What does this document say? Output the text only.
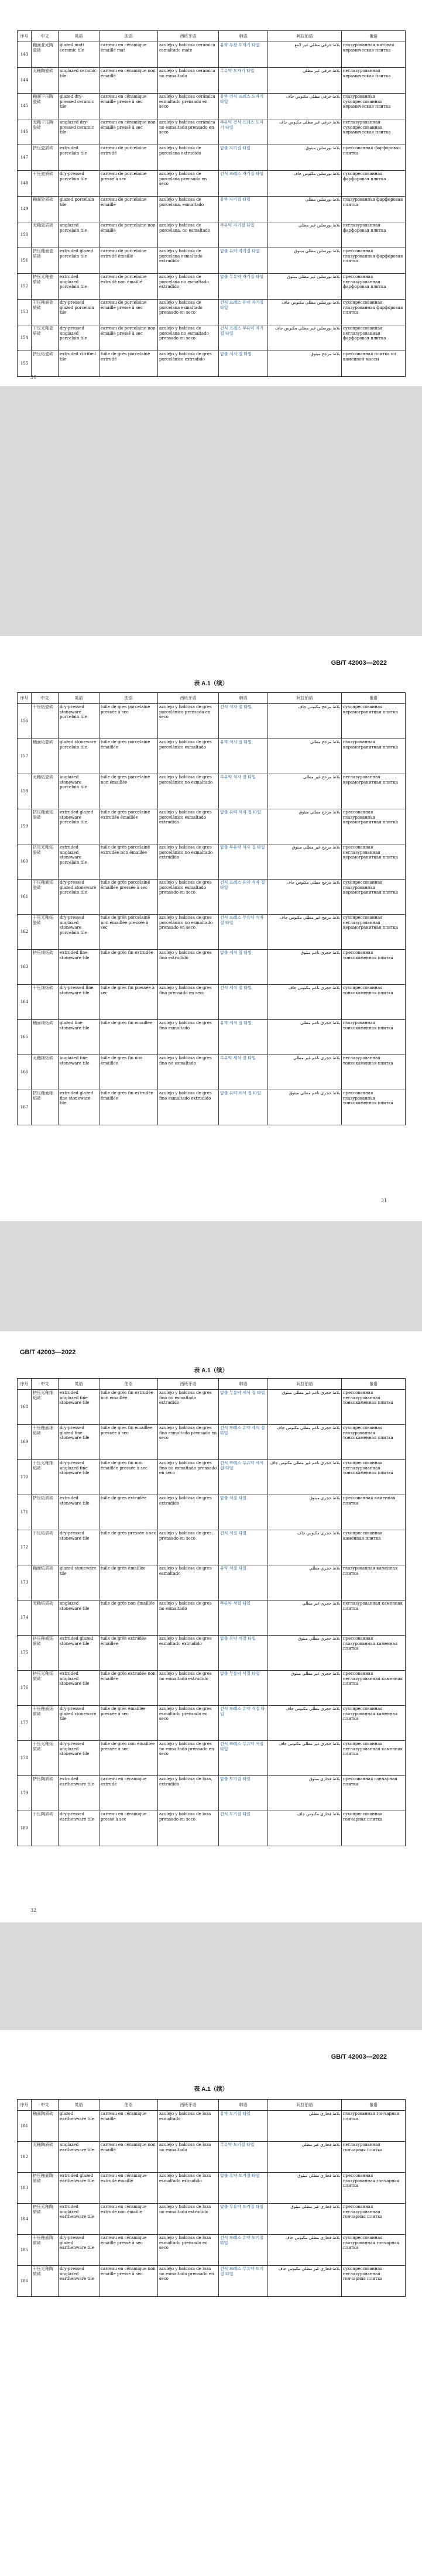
序号	中文	英语	法语	西班牙语	韩语	阿拉伯语	俄语
143	釉面亚光陶瓷砖	glazed matt ceramic tile	carreau en céramique émaillé mat	azulejo y baldosa cerámica esmaltado mate	유약 무광 도자기 타일	بلاط خزفي مطلي غير لامع	глазурованная матовая керамическая плитка
144	无釉陶瓷砖	unglazed ceramic tile	carreau en céramique non émaillé	azulejo y baldosa cerámica no esmaltado	무유약 도자기 타일	بلاط خزفي غير مطلي	неглазурованная керамическая плитка
145	釉面干压陶瓷砖	glazed dry-pressed ceramic tile	carreau en céramique émaillé pressé à sec	azulejo y baldosa cerámica esmaltado prensado en seco	유약 건식 프레스 도자기 타일	بلاط خزفي مطلي مكبوس جاف	глазурованная сухопрессованная керамическая плитка
146	无釉干压陶瓷砖	unglazed dry-pressed ceramic tile	carreau en céramique non émaillé pressé à sec	azulejo y baldosa cerámica no esmaltado prensado en seco	무유약 건식 프레스 도자기 타일	بلاط خزفي غير مطلي مكبوس جاف	неглазурованная сухопрессованная керамическая плитка
147	挤压瓷质砖	extruded porcelain tile	carreau de porcelaine extrudé	azulejo y baldosa de porcelana extrudido	압출 자기질 타일	بلاط بورسلين مبثوق	прессованная фарфоровая плитка
148	干压瓷质砖	dry-pressed porcelain tile	carreau de porcelaine pressé à sec	azulejo y baldosa de porcelana prensado en seco	건식 프레스 자기질 타일	بلاط بورسلين مكبوس جاف	сухопрессованная фарфоровая плитка
149	釉面瓷质砖	glazed porcelain tile	carreau de porcelaine émaillé	azulejo y baldosa de porcelana, esmaltado	유약 자기질 타일	بلاط بورسلين مطلي	глазурованная фарфоровая плитка
150	无釉瓷质砖	unglazed porcelain tile	carreau de porcelaine non émaillé	azulejo y baldosa de porcelana, no esmaltado	무유약 자기질 타일	بلاط بورسلين غير مطلي	неглазурованная фарфоровая плитка
151	挤压釉面瓷质砖	extruded glazed porcelain tile	carreau de porcelaine extrudé émaillé	azulejo y baldosa de porcelana esmaltado extrudido	압출 유약 자기질 타일	بلاط بورسلين مطلي مبثوق	прессованная глазурованная фарфоровая плитка
152	挤压无釉瓷质砖	extruded unglazed porcelain tile	carreau de porcelaine extrudé non émaillé	azulejo y baldosa de porcelana no esmaltado extrudido	압출 무유약 자기질 타일	بلاط بورسلين غير مطلي مبثوق	прессованная неглазурованная фарфоровая плитка
153	干压釉面瓷质砖	dry-pressed glazed porcelain tile	carreau de porcelaine émaillé pressé à sec	azulejo y baldosa de porcelana esmaltado prensado en seco	건식 프레스 유약 자기질 타일	بلاط بورسلين مطلي مكبوس جاف	сухопрессованная глазурованная фарфоровая плитка
154	干压无釉瓷质砖	dry-pressed unglazed porcelain tile	carreau de porcelaine non émaillé pressé à sec	azulejo y baldosa de porcelana no esmaltado prensado en seco	건식 프레스 무유약 자기질 타일	بلاط بورسلين غير مطلي مكبوس جاف	сухопрессованная неглазурованная фарфоровая плитка
155	挤压炻瓷砖	extruded vitrified tile	tuile de grès porcelainé extrudé	azulejo y baldosa de gres porcelánico extrudido	압출 석자 질 타일	بلاط مزجج مبثوق	прессованная плитка из каменной массы
30
GB/T 42003—2022
表 A.1（续）
序号	中文	英语	法语	西班牙语	韩语	阿拉伯语	俄语
156	干压炻瓷砖	dry-pressed stoneware porcelain tile	tuile de grès porcelainé pressée à sec	azulejo y baldosa de gres porcelánico prensado en seco	건식 석자 질 타일	بلاط مزجج مكبوس جاف	сухопрессованная керамогранитная плитка
157	釉面炻瓷砖	glazed stoneware porcelain tile	tuile de grès porcelainé émaillée	azulejo y baldosa de gres porcelánico esmaltado	유약 석자 질 타일	بلاط مزجج مطلي	глазурованная керамогранитная плитка
158	无釉炻瓷砖	unglazed stoneware porcelain tile	tuile de grès porcelainé non émaillée	azulejo y baldosa de gres porcelánico no esmaltado	무유약 석자 질 타일	بلاط مزجج غير مطلي	неглазурованная керамогранитная плитка
159	挤压釉面炻瓷砖	extruded glazed stoneware porcelain tile	tuile de grès porcelainé extrudée émaillée	azulejo y baldosa de gres porcelánico esmaltado extrudido	압출 유약 석자 질 타일	بلاط مزجج مطلي مبثوق	прессованная глазурованная керамогранитная плитка
160	挤压无釉炻瓷砖	extruded unglazed stoneware porcelain tile	tuile de grès porcelainé extrudée non émaillée	azulejo y baldosa de gres porcelánico no esmaltado extrudido	압출 무유약 석자 질 타일	بلاط مزجج غير مطلي مبثوق	прессованная неглазурованная керамогранитная плитка
161	干压釉面炻瓷砖	dry-pressed glazed stoneware porcelain tile	tuile de grès porcelainé émaillée pressée à sec	azulejo y baldosa de gres porcelánico esmaltado prensado en seco	건식 프레스 유약 석자 질 타일	بلاط مزجج مطلي مكبوس جاف	сухопрессованная глазурованная керамогранитная плитка
162	干压无釉炻瓷砖	dry-pressed unglazed stoneware porcelain tile	tuile de grès porcelainé non émaillée pressée à sec	azulejo y baldosa de gres porcelánico no esmaltado prensado en seco	건식 프레스 무유약 석자 질 타일	بلاط مزجج غير مطلي مكبوس جاف	сухопрессованная неглазурованная керамогранитная плитка
163	挤压细炻砖	extruded fine stoneware tile	tuile de grès fin extrudée	azulejo y baldosa de gres fino extrudido	압출 세석 질 타일	بلاط حجري ناعم مبثوق	прессованная тонкокаменная плитка
164	干压细炻砖	dry-pressed fine stoneware tile	tuile de grès fin pressée à sec	azulejo y baldosa de gres fino prensado en seco	건식 세석 질 타일	بلاط حجري ناعم مكبوس جاف	сухопрессованная тонкокаменная плитка
165	釉面细炻砖	glazed fine stoneware tile	tuile de grès fin émaillée	azulejo y baldosa de gres fino esmaltado	유약 세석 질 타일	بلاط حجري ناعم مطلي	глазурованная тонкокаменная плитка
166	无釉细炻砖	unglazed fine stoneware tile	tuile de grès fin non émaillée	azulejo y baldosa de gres fino no esmaltado	무유약 세석 질 타일	بلاط حجري ناعم غير مطلي	неглазурованная тонкокаменная плитка
167	挤压釉面细炻砖	extruded glazed fine stoneware tile	tuile de grès fin extrudée émaillée	azulejo y baldosa de gres fino esmaltado extrudido	압출 유약 세석 질 타일	بلاط حجري ناعم مطلي مبثوق	прессованная глазурованная тонкокаменная плитка
31
GB/T 42003—2022
表 A.1（续）
序号	中文	英语	法语	西班牙语	韩语	阿拉伯语	俄语
168	挤压无釉细炻砖	extruded unglazed fine stoneware tile	tuile de grès fin extrudée non émaillée	azulejo y baldosa de gres fino no esmaltado extrudido	압출 무유약 세석 질 타일	بلاط حجري ناعم غير مطلي مبثوق	прессованная неглазурованная тонкокаменная плитка
169	干压釉面细炻砖	dry-pressed glazed fine stoneware tile	tuile de grès fin émaillée pressée à sec	azulejo y baldosa de gres fino esmaltado prensado en seco	건식 프레스 유약 세석 질 타일	بلاط حجري ناعم مطلي مكبوس جاف	сухопрессованная глазурованная тонкокаменная плитка
170	干压无釉细炻砖	dry-pressed unglazed fine stoneware tile	tuile de grès fin non émaillée pressée à sec	azulejo y baldosa de gres fino no esmaltado prensado en seco	건식 프레스 무유약 세석 질 타일	بلاط حجري ناعم غير مطلي مكبوس جاف	сухопрессованная неглазурованная тонкокаменная плитка
171	挤压炻质砖	extruded stoneware tile	tuile de grès extrudée	azulejo y baldosa de gres extrudido	압출 석질 타일	بلاط حجري مبثوق	прессованная каменная плитка
172	干压炻质砖	dry-pressed stoneware tile	tuile de grès pressée à sec	azulejo y baldosa de gres, prensado en seco	건식 석질 타일	بلاط حجري مكبوس جاف	сухопрессованная каменная плитка
173	釉面炻质砖	glazed stoneware tile	tuile de grès émaillée	azulejo y baldosa de gres esmaltado	유약 석질 타일	بلاط حجري مطلي	глазурованная каменная плитка
174	无釉炻质砖	unglazed stoneware tile	tuile de grès non émaillée	azulejo y baldosa de gres no esmaltado	무유약 석질 타일	بلاط حجري غير مطلي	неглазурованная каменная плитка
175	挤压釉面炻质砖	extruded glazed stoneware tile	tuile de grès extrudée émaillée	azulejo y baldosa de gres esmaltado extrudido	압출 유약 석질 타일	بلاط حجري مطلي مبثوق	прессованная глазурованная каменная плитка
176	挤压无釉炻质砖	extruded unglazed stoneware tile	tuile de grès extrudée non émaillée	azulejo y baldosa de gres no esmaltado extrudido	압출 무유약 석질 타일	بلاط حجري غير مطلي مبثوق	прессованная неглазурованная каменная плитка
177	干压釉面炻质砖	dry-pressed glazed stoneware tile	tuile de grès émaillée pressée à sec	azulejo y baldosa de gres esmaltado prensado en seco	건식 프레스 유약 석질 타일	بلاط حجري مطلي مكبوس جاف	сухопрессованная глазурованная каменная плитка
178	干压无釉炻质砖	dry-pressed unglazed stoneware tile	tuile de grès non émaillée pressée à sec	azulejo y baldosa de gres no esmaltado prensado en seco	건식 프레스 무유약 석질 타일	بلاط حجري غير مطلي مكبوس جاف	сухопрессованная неглазурованная каменная плитка
179	挤压陶质砖	extruded earthenware tile	carreau en céramique extrudé	azulejo y baldosa de loza, extrudido	압출 도기질 타일	بلاط فخاري مبثوق	прессованная гончарная плитка
180	干压陶质砖	dry-pressed earthenware tile	carreau en céramique pressé à sec	azulejo y baldosa de loza prensado en seco	건식 도기질 타일	بلاط فخاري مكبوس جاف	сухопрессованная гончарная плитка
32
GB/T 42003—2022
表 A.1（续）
序号	中文	英语	法语	西班牙语	韩语	阿拉伯语	俄语
181	釉面陶质砖	glazed earthenware tile	carreau en céramique émaillé	azulejo y baldosa de loza esmaltado	유약 도기질 타일	بلاط فخاري مطلي	глазурованная гончарная плитка
182	无釉陶质砖	unglazed earthenware tile	carreau en céramique non émaillé	azulejo y baldosa de loza no esmaltado	무유약 도기질 타일	بلاط فخاري غير مطلي	неглазурованная гончарная плитка
183	挤压釉面陶质砖	extruded glazed earthenware tile	carreau en céramique extrudé émaillé	azulejo y baldosa de loza esmaltado extrudido	압출 유약 도기질 타일	بلاط فخاري مطلي مبثوق	прессованная глазурованная гончарная плитка
184	挤压无釉陶质砖	extruded unglazed earthenware tile	carreau en céramique extrudé non émaillé	azulejo y baldosa de loza no esmaltado extrudido	압출 무유약 도기질 타일	بلاط فخاري غير مطلي مبثوق	прессованная неглазурованная гончарная плитка
185	干压釉面陶质砖	dry-pressed glazed earthenware tile	carreau en céramique émaillé pressé à sec	azulejo y baldosa de loza esmaltado prensado en seco	건식 프레스 유약 도기질 타일	بلاط فخاري مطلي مكبوس جاف	сухопрессованная глазурованная гончарная плитка
186	干压无釉陶质砖	dry-pressed unglazed earthenware tile	carreau en céramique non émaillé pressé à sec	azulejo y baldosa de loza no esmaltado prensado en seco	건식 프레스 무유약 도기질 타일	بلاط فخاري غير مطلي مكبوس جاف	сухопрессованная неглазурованная гончарная плитка
